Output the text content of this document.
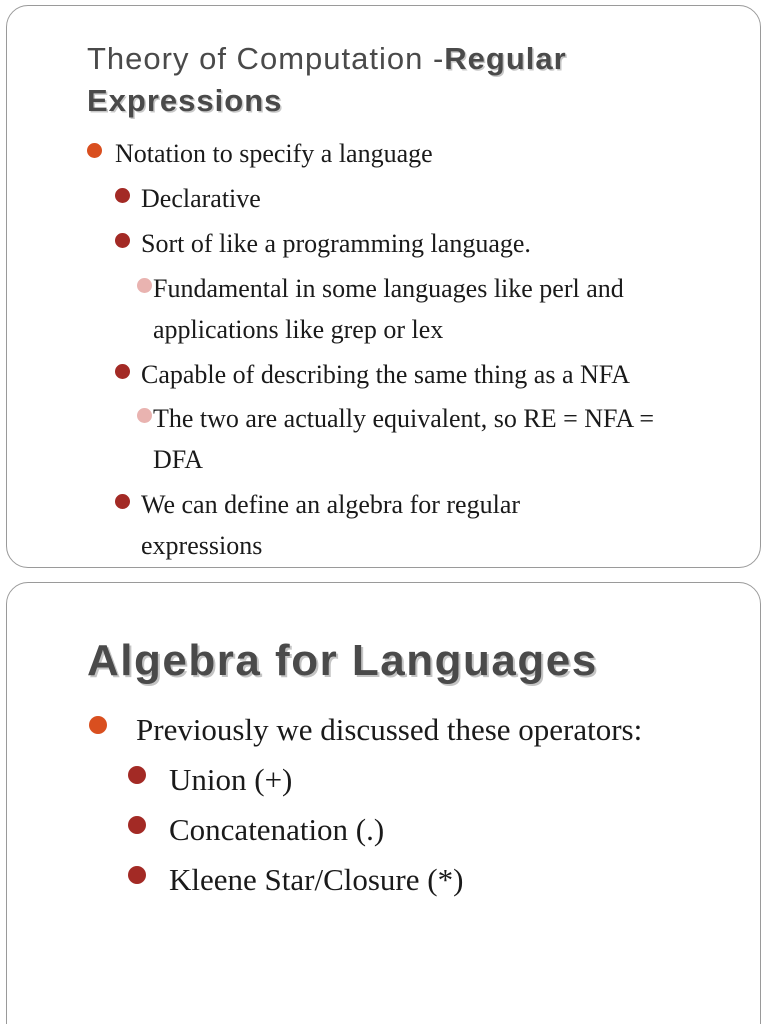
Theory of Computation -Regular Expressions
Notation to specify a language
Declarative
Sort of like a programming language.
Fundamental in some languages like perl and applications like grep or lex
Capable of describing the same thing as a NFA
The two are actually equivalent, so RE = NFA = DFA
We can define an algebra for regular expressions
Algebra for Languages
Previously we discussed these operators:
Union (+)
Concatenation (.)
Kleene Star/Closure (*)
